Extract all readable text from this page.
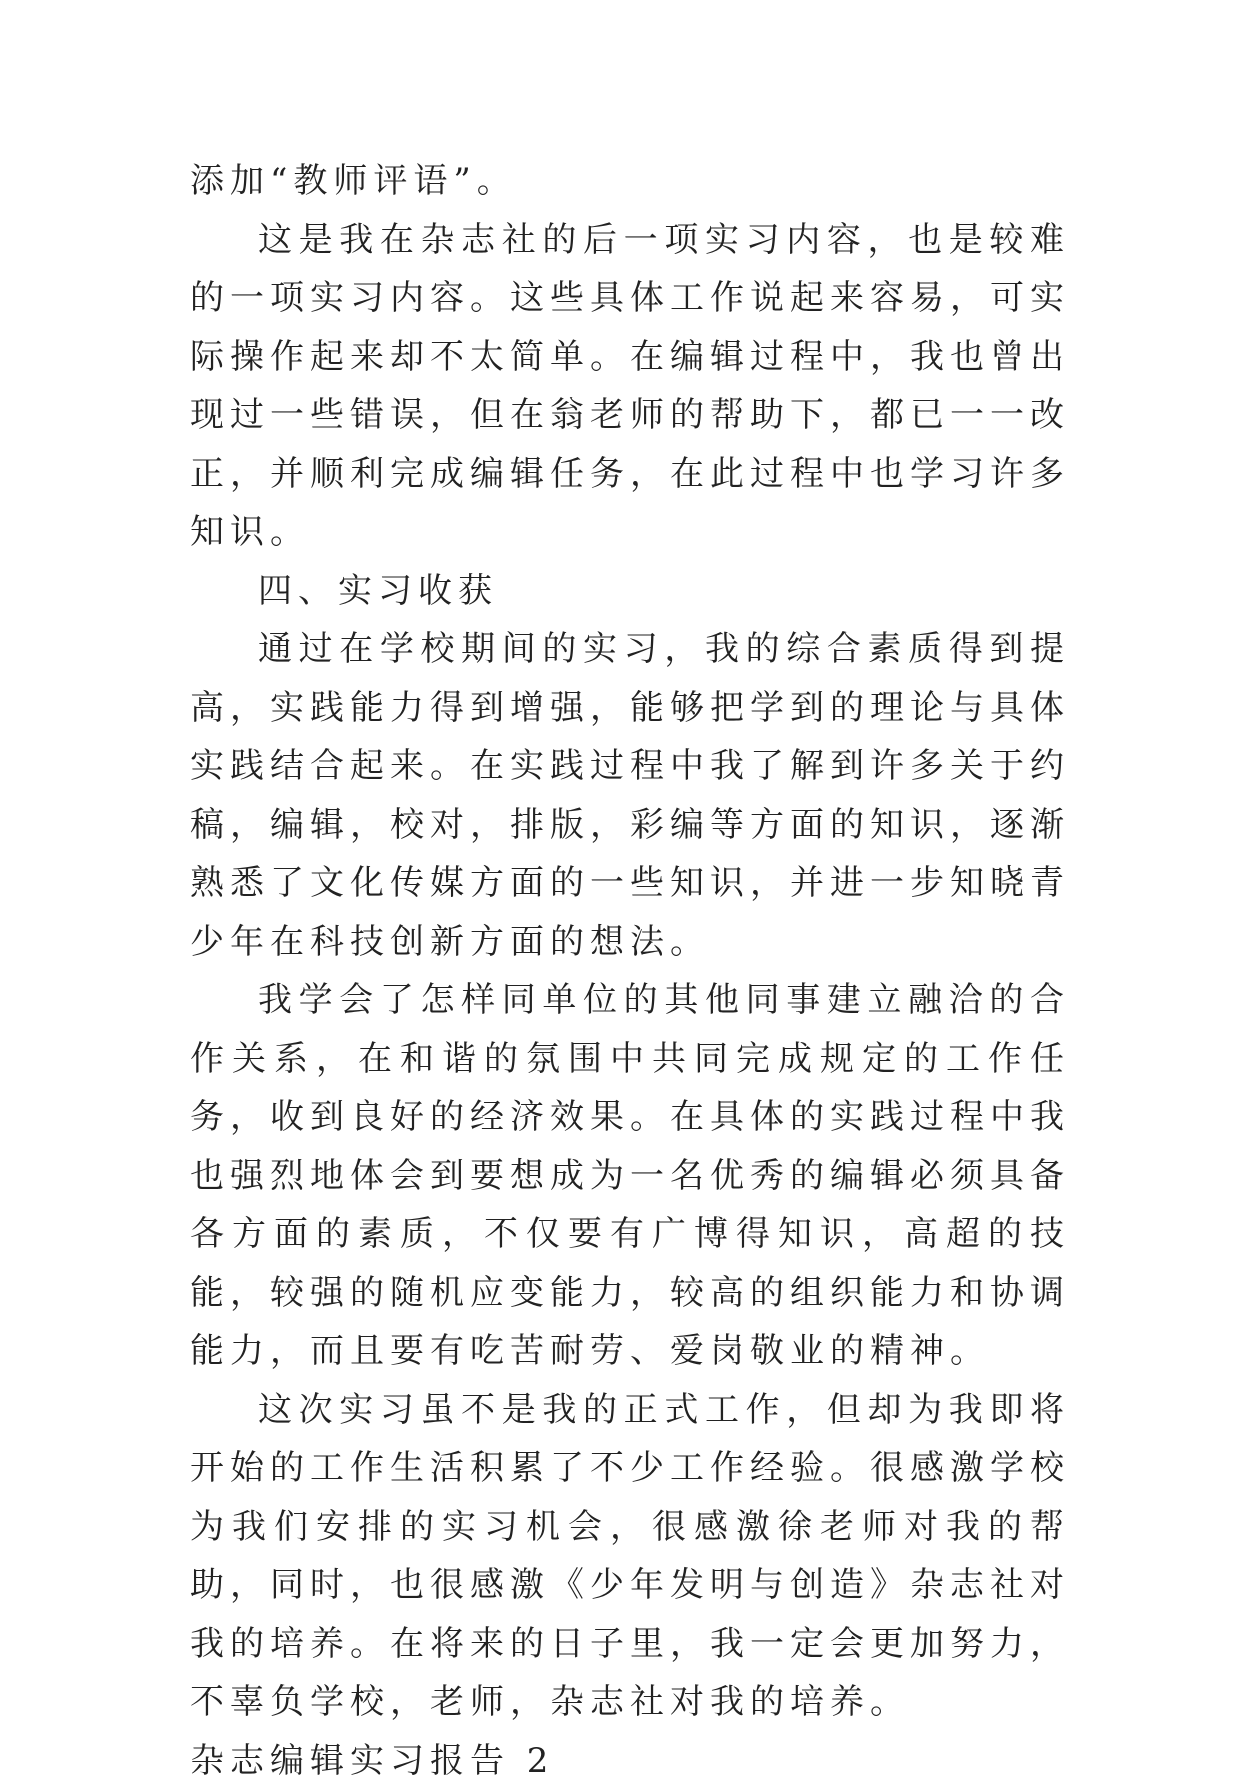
添加“教师评语”。

这是我在杂志社的后一项实习内容，也是较难的一项实习内容。这些具体工作说起来容易，可实际操作起来却不太简单。在编辑过程中，我也曾出现过一些错误，但在翁老师的帮助下，都已一一改正，并顺利完成编辑任务，在此过程中也学习许多知识。

四、实习收获

通过在学校期间的实习，我的综合素质得到提高，实践能力得到增强，能够把学到的理论与具体实践结合起来。在实践过程中我了解到许多关于约稿，编辑，校对，排版，彩编等方面的知识，逐渐熟悉了文化传媒方面的一些知识，并进一步知晓青少年在科技创新方面的想法。

我学会了怎样同单位的其他同事建立融洽的合作关系，在和谐的氛围中共同完成规定的工作任务，收到良好的经济效果。在具体的实践过程中我也强烈地体会到要想成为一名优秀的编辑必须具备各方面的素质，不仅要有广博得知识，高超的技能，较强的随机应变能力，较高的组织能力和协调能力，而且要有吃苦耐劳、爱岗敬业的精神。

这次实习虽不是我的正式工作，但却为我即将开始的工作生活积累了不少工作经验。很感激学校为我们安排的实习机会，很感激徐老师对我的帮助，同时，也很感激《少年发明与创造》杂志社对我的培养。在将来的日子里，我一定会更加努力，不辜负学校，老师，杂志社对我的培养。

杂志编辑实习报告 2
